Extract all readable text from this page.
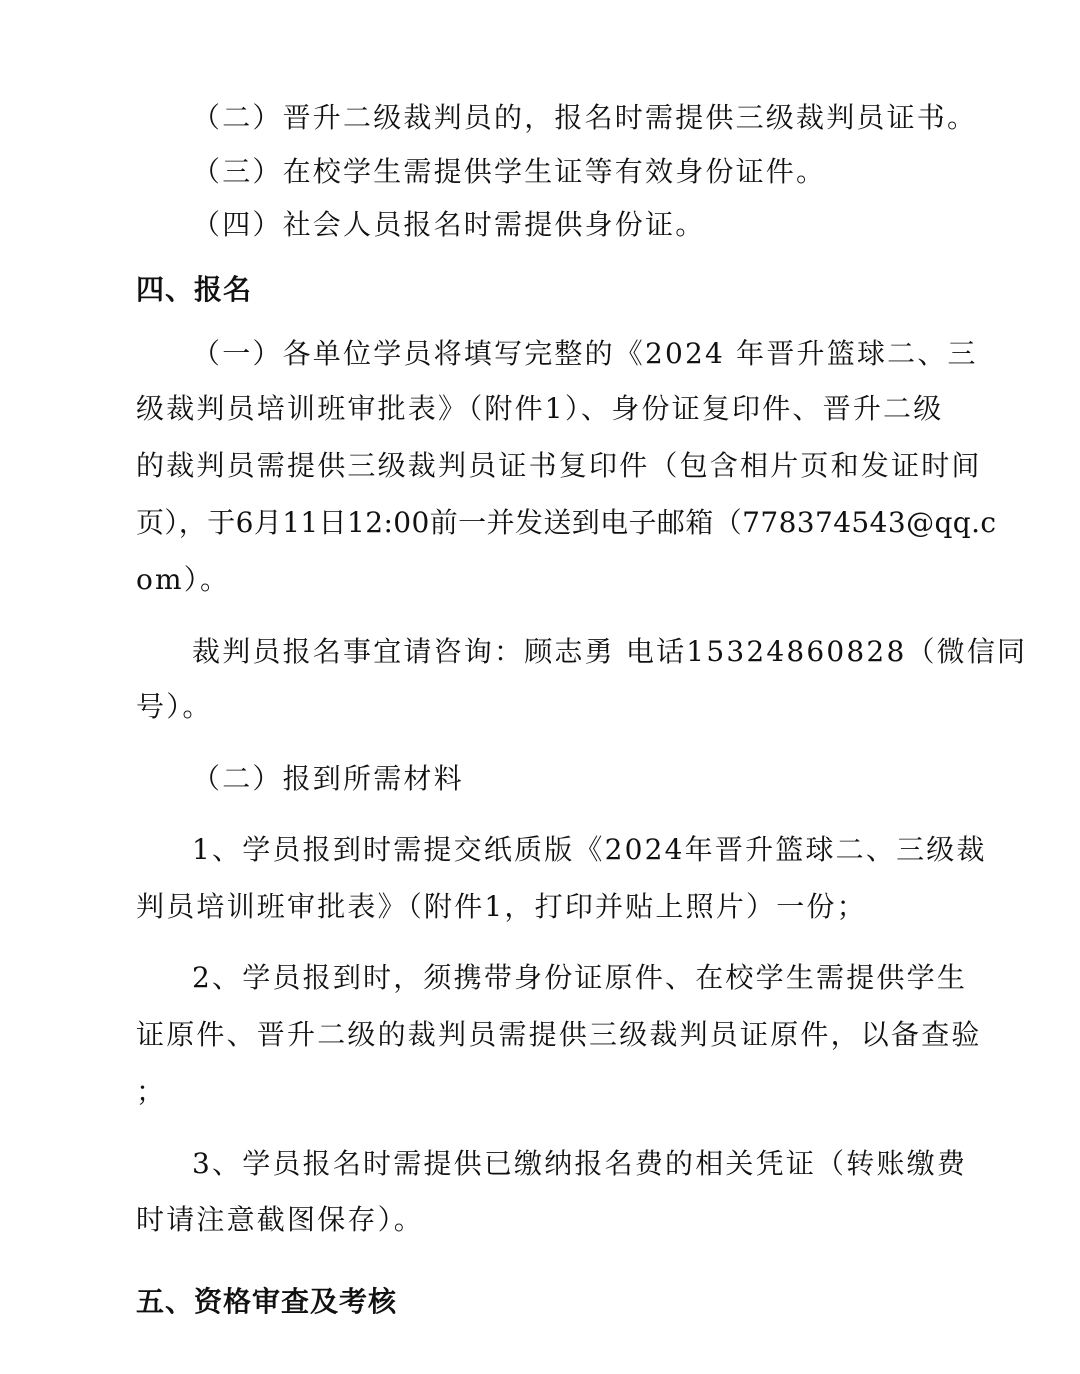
（二）晋升二级裁判员的，报名时需提供三级裁判员证书。
（三）在校学生需提供学生证等有效身份证件。
（四）社会人员报名时需提供身份证。
四、报名
（一）各单位学员将填写完整的《2024 年晋升篮球二、三
级裁判员培训班审批表》（附件1）、身份证复印件、晋升二级
的裁判员需提供三级裁判员证书复印件（包含相片页和发证时间
页），于6月11日12:00前一并发送到电子邮箱（778374543@qq.c
om）。
裁判员报名事宜请咨询：顾志勇 电话15324860828（微信同
号）。
（二）报到所需材料
1、学员报到时需提交纸质版《2024年晋升篮球二、三级裁
判员培训班审批表》（附件1，打印并贴上照片）一份；
2、学员报到时，须携带身份证原件、在校学生需提供学生
证原件、晋升二级的裁判员需提供三级裁判员证原件，以备查验
；
3、学员报名时需提供已缴纳报名费的相关凭证（转账缴费
时请注意截图保存）。
五、资格审查及考核
